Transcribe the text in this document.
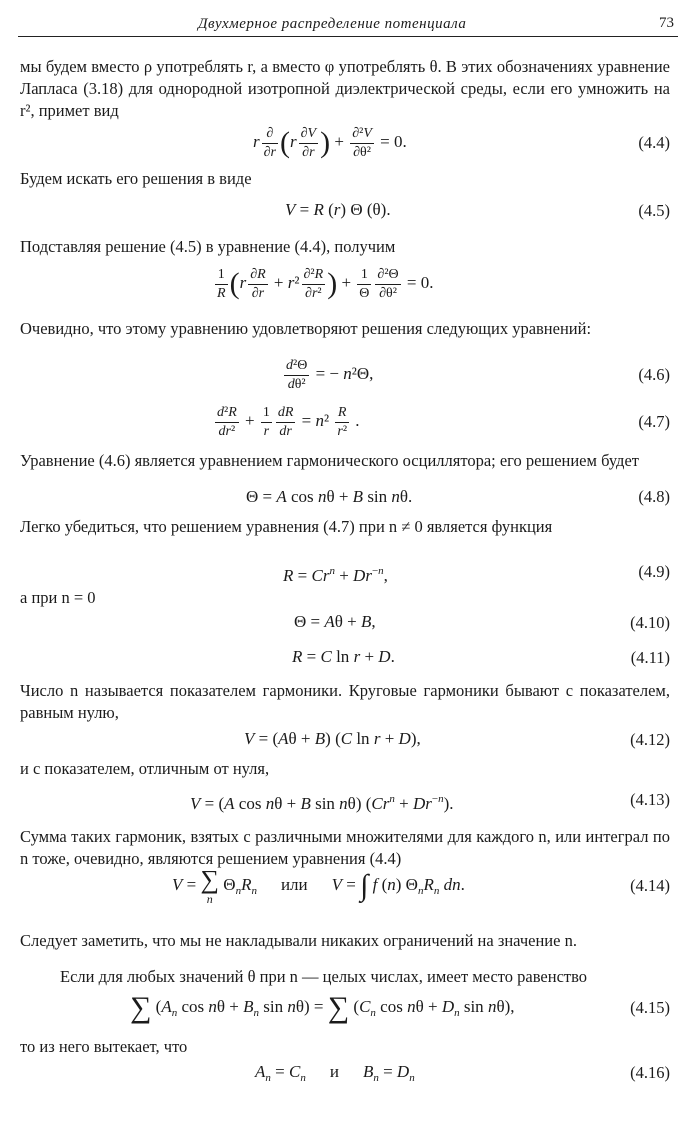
Двухмерное распределение потенциала	73

мы будем вместо ρ употреблять r, а вместо φ употреблять θ. В этих обозначениях уравнение Лапласа (3.18) для однородной изотропной диэлектрической среды, если его умножить на r², примет вид

r $\frac{\partial}{\partial r} (r \frac{\partial V}{\partial r}$ ) + $\frac{\text{∂²V}}{\text{∂θ²}} = 0$.	(4.4)

Будем искать его решения в виде

V = R (r) Θ (θ).	(4.5)

Подставляя решение (4.5) в уравнение (4.4), получим

$\frac{1}{R} (r \frac{\partial R}{\partial r} + r^2 \frac{\text{∂²R}}{\text{∂r²}}$ ) + $\frac{1}{\Theta} \frac{\text{∂²Θ}}{\text{∂θ²}} = 0$.

Очевидно, что этому уравнению удовлетворяют решения следующих уравнений:

$\frac{\text{d²Θ}}{\text{dθ²}}$ = − n²Θ,	(4.6)
$\frac{\text{d²R}}{\text{dr²}} + \frac{1}{r} \frac{dR}{dr} = n^2 \frac{R}{\text{r²}}$ .	(4.7)

Уравнение (4.6) является уравнением гармонического осциллятора; его решением будет

Θ = A cos nθ + B sin nθ.	(4.8)

Легко убедиться, что решением уравнения (4.7) при n ≠ 0 является функция

$R = Cr^n + Dr^{-n}$,	(4.9)

а при n = 0

Θ = Aθ + B,	(4.10)
R = C ln r + D.	(4.11)

Число n называется показателем гармоники. Круговые гармоники бывают с показателем, равным нулю,

V = (Aθ + B) (C ln r + D),	(4.12)

и с показателем, отличным от нуля,

V = (A cos nθ + B sin nθ) $(Cr^n + Dr^{-n})$.	(4.13)

Сумма таких гармоник, взятых с различными множителями для каждого n, или интеграл по n тоже, очевидно, являются решением уравнения (4.4)

V = ∑
n
$\Theta_nR_n$ или V = ∫ f (n) $\Theta_nR_n$ dn.	(4.14)

Следует заметить, что мы не накладывали никаких ограничений на значение n.

Если для любых значений θ при n — целых числах, имеет место равенство

∑ ($A_n$ $\cos n\theta + B_n$ sin nθ) = ∑ ($C_n$ $\cos n\theta + D_n$ sin nθ),	(4.15)

то из него вытекает, что

$A_n = C_n$ и $B_n = D_n$	(4.16)
